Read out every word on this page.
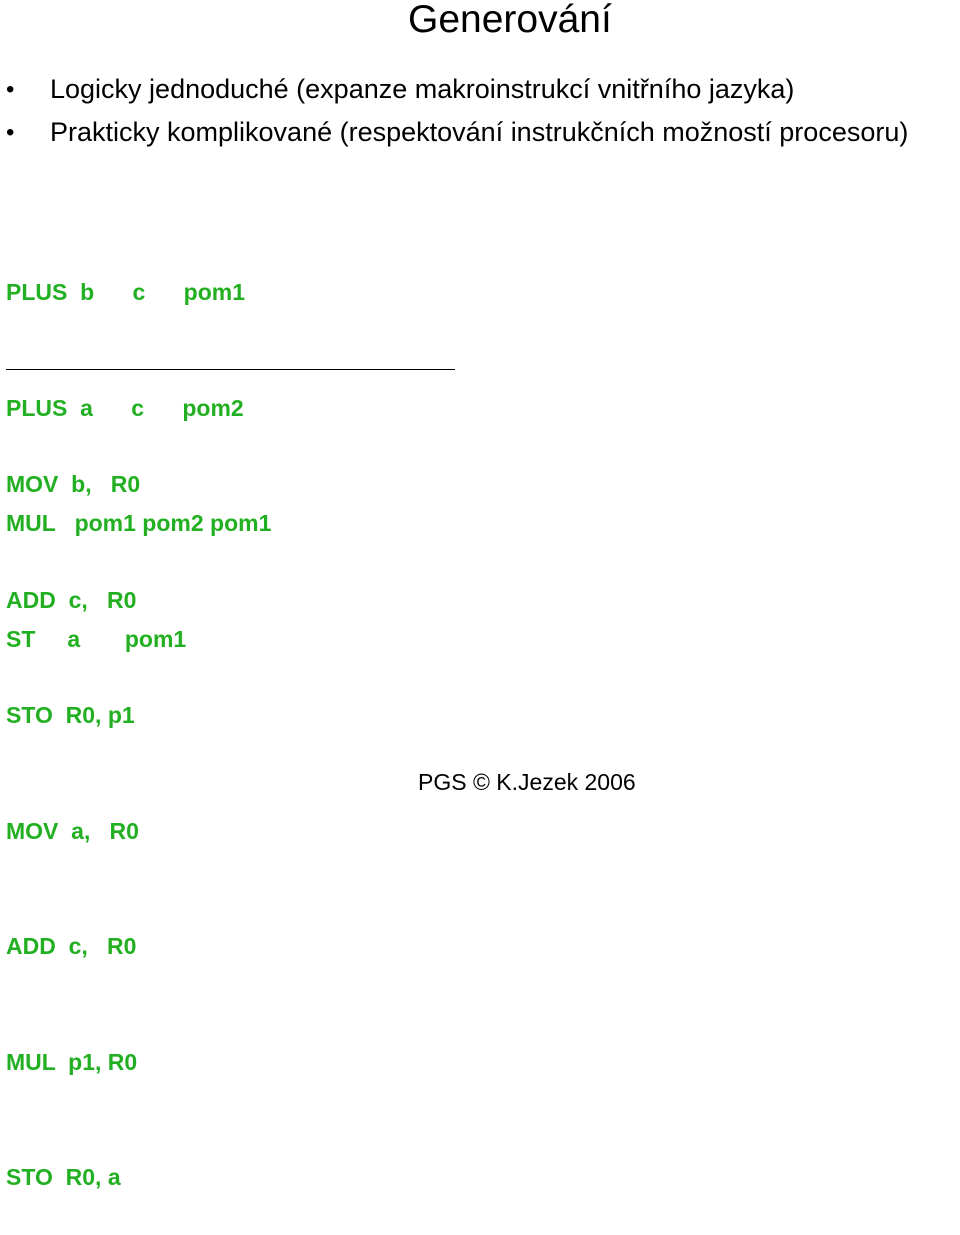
Generování
• Logicky jednoduché (expanze makroinstrukcí vnitřního jazyka)
• Prakticky komplikované (respektování instrukčních možností procesoru)

PLUS  b      c      pom1

PLUS  a      c      pom2

MUL   pom1 pom2 pom1

ST     a       pom1

MOV  b,   R0

ADD  c,   R0

STO  R0, p1

MOV  a,   R0

ADD  c,   R0

MUL  p1, R0

STO  R0, a

PGS © K.Jezek 2006
